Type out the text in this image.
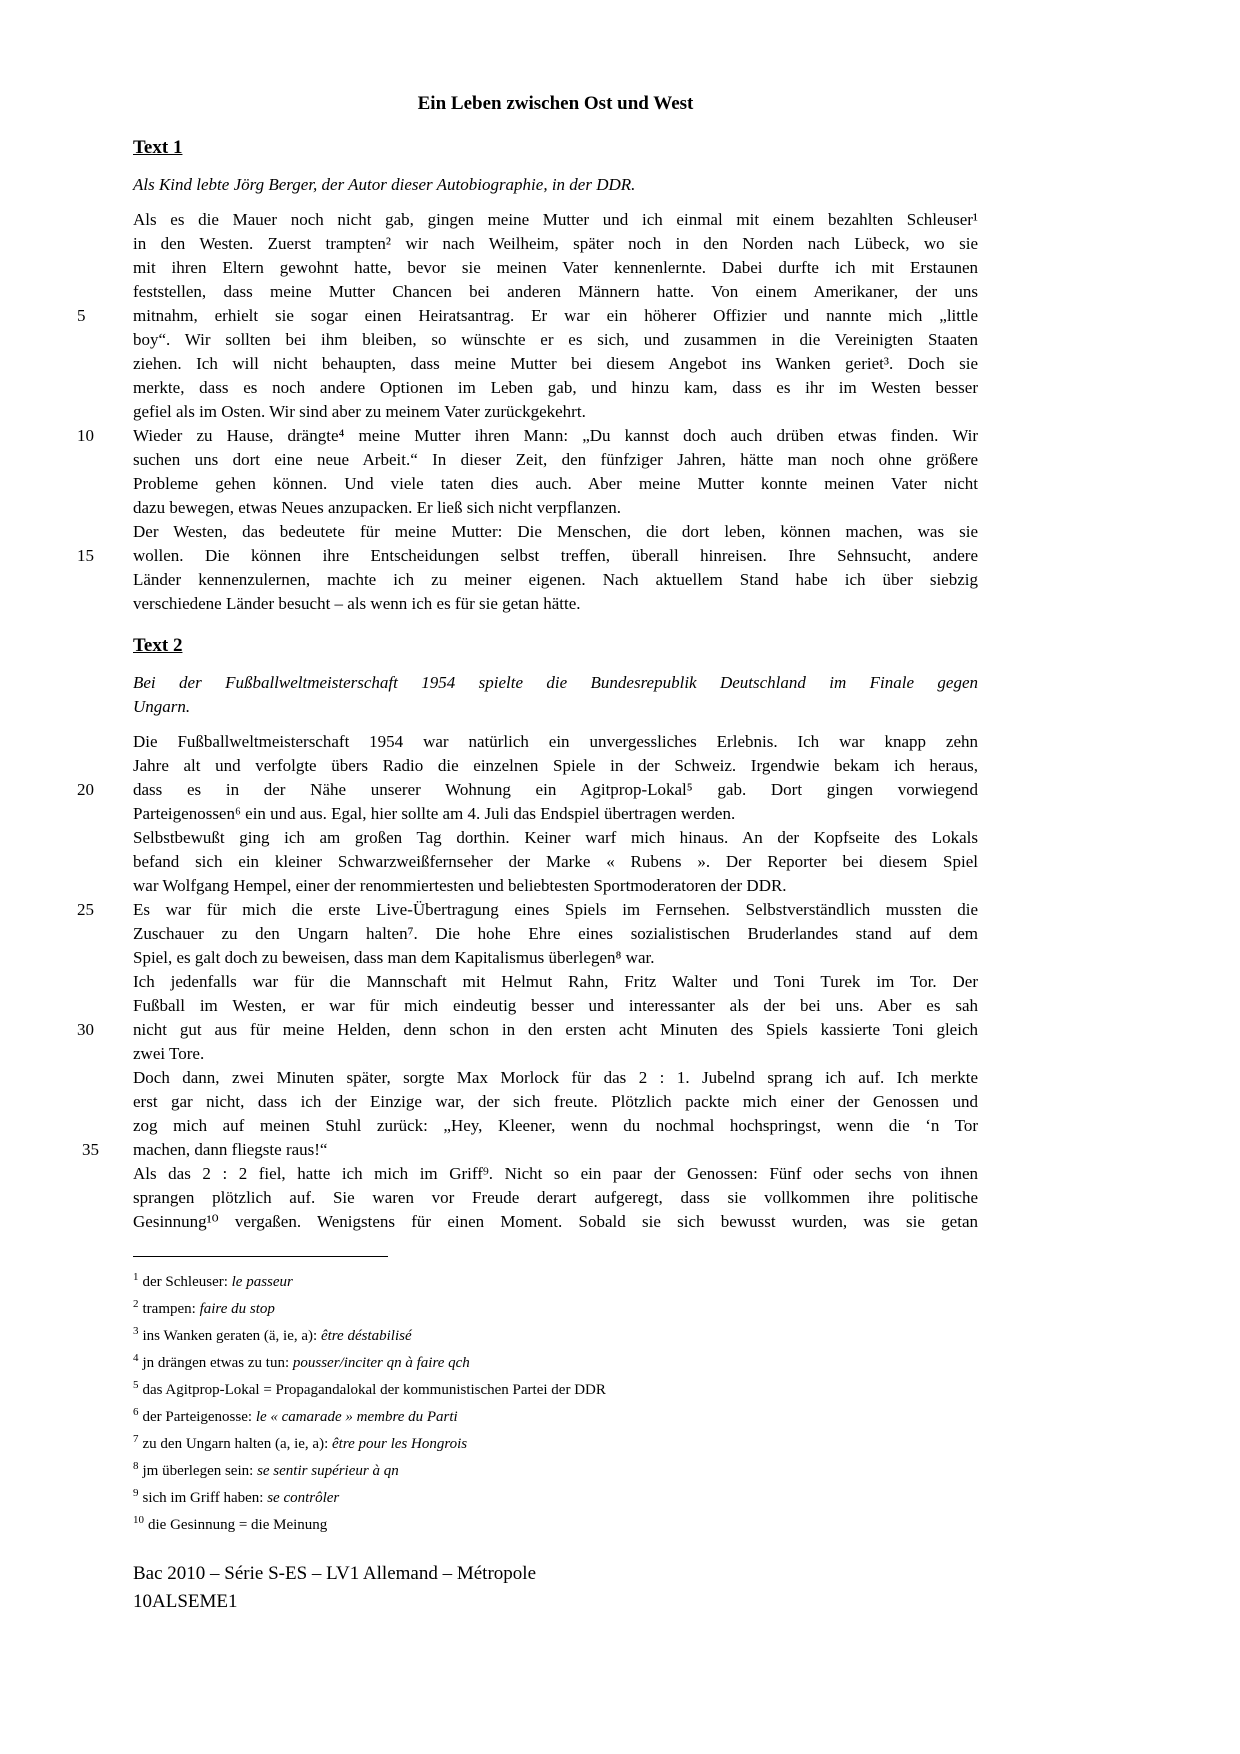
Ein Leben zwischen Ost und West
Text 1
Als Kind lebte Jörg Berger, der Autor dieser Autobiographie, in der DDR.
Als es die Mauer noch nicht gab, gingen meine Mutter und ich einmal mit einem bezahlten Schleuser¹
in den Westen. Zuerst trampten² wir nach Weilheim, später noch in den Norden nach Lübeck, wo sie
mit ihren Eltern gewohnt hatte, bevor sie meinen Vater kennenlernte. Dabei durfte ich mit Erstaunen
feststellen, dass meine Mutter Chancen bei anderen Männern hatte. Von einem Amerikaner, der uns
5	mitnahm, erhielt sie sogar einen Heiratsantrag. Er war ein höherer Offizier und nannte mich „little
boy“. Wir sollten bei ihm bleiben, so wünschte er es sich, und zusammen in die Vereinigten Staaten
ziehen. Ich will nicht behaupten, dass meine Mutter bei diesem Angebot ins Wanken geriet³. Doch sie
merkte, dass es noch andere Optionen im Leben gab, und hinzu kam, dass es ihr im Westen besser
gefiel als im Osten. Wir sind aber zu meinem Vater zurückgekehrt.
10 Wieder zu Hause, drängte⁴ meine Mutter ihren Mann: „Du kannst doch auch drüben etwas finden. Wir
suchen uns dort eine neue Arbeit.“ In dieser Zeit, den fünfziger Jahren, hätte man noch ohne größere
Probleme gehen können. Und viele taten dies auch. Aber meine Mutter konnte meinen Vater nicht
dazu bewegen, etwas Neues anzupacken. Er ließ sich nicht verpflanzen.
Der Westen, das bedeutete für meine Mutter: Die Menschen, die dort leben, können machen, was sie
15 wollen. Die können ihre Entscheidungen selbst treffen, überall hinreisen. Ihre Sehnsucht, andere
Länder kennenzulernen, machte ich zu meiner eigenen. Nach aktuellem Stand habe ich über siebzig
verschiedene Länder besucht – als wenn ich es für sie getan hätte.
Text 2
Bei der Fußballweltmeisterschaft 1954 spielte die Bundesrepublik Deutschland im Finale gegen
Ungarn.
Die Fußballweltmeisterschaft 1954 war natürlich ein unvergessliches Erlebnis. Ich war knapp zehn
Jahre alt und verfolgte übers Radio die einzelnen Spiele in der Schweiz. Irgendwie bekam ich heraus,
20 dass es in der Nähe unserer Wohnung ein Agitprop-Lokal⁵ gab. Dort gingen vorwiegend
Parteigenossen⁶ ein und aus. Egal, hier sollte am 4. Juli das Endspiel übertragen werden.
Selbstbewußt ging ich am großen Tag dorthin. Keiner warf mich hinaus. An der Kopfseite des Lokals
befand sich ein kleiner Schwarzweißfernseher der Marke « Rubens ». Der Reporter bei diesem Spiel
war Wolfgang Hempel, einer der renommiertesten und beliebtesten Sportmoderatoren der DDR.
25 Es war für mich die erste Live-Übertragung eines Spiels im Fernsehen. Selbstverständlich mussten die
Zuschauer zu den Ungarn halten⁷. Die hohe Ehre eines sozialistischen Bruderlandes stand auf dem
Spiel, es galt doch zu beweisen, dass man dem Kapitalismus überlegen⁸ war.
Ich jedenfalls war für die Mannschaft mit Helmut Rahn, Fritz Walter und Toni Turek im Tor. Der
Fußball im Westen, er war für mich eindeutig besser und interessanter als der bei uns. Aber es sah
30 nicht gut aus für meine Helden, denn schon in den ersten acht Minuten des Spiels kassierte Toni gleich
zwei Tore.
Doch dann, zwei Minuten später, sorgte Max Morlock für das 2 : 1. Jubelnd sprang ich auf. Ich merkte
erst gar nicht, dass ich der Einzige war, der sich freute. Plötzlich packte mich einer der Genossen und
zog mich auf meinen Stuhl zurück: „Hey, Kleener, wenn du nochmal hochspringst, wenn die ‘n Tor
35 machen, dann fliegste raus!“
Als das 2 : 2 fiel, hatte ich mich im Griff⁹. Nicht so ein paar der Genossen: Fünf oder sechs von ihnen
sprangen plötzlich auf. Sie waren vor Freude derart aufgeregt, dass sie vollkommen ihre politische
Gesinnung¹⁰ vergaßen. Wenigstens für einen Moment. Sobald sie sich bewusst wurden, was sie getan
$^1$ der Schleuser: le passeur
$^2$ trampen: faire du stop
$^3$ ins Wanken geraten (ä, ie, a): être déstabilisé
$^4$ jn drängen etwas zu tun: pousser/inciter qn à faire qch
$^5$ das Agitprop-Lokal = Propagandalokal der kommunistischen Partei der DDR
$^6$ der Parteigenosse: le « camarade » membre du Parti
$^7$ zu den Ungarn halten (a, ie, a): être pour les Hongrois
$^8$ jm überlegen sein: se sentir supérieur à qn
$^9$ sich im Griff haben: se contrôler
$^{10}$ die Gesinnung = die Meinung
Bac 2010 – Série S-ES – LV1 Allemand – Métropole
10ALSEME1
